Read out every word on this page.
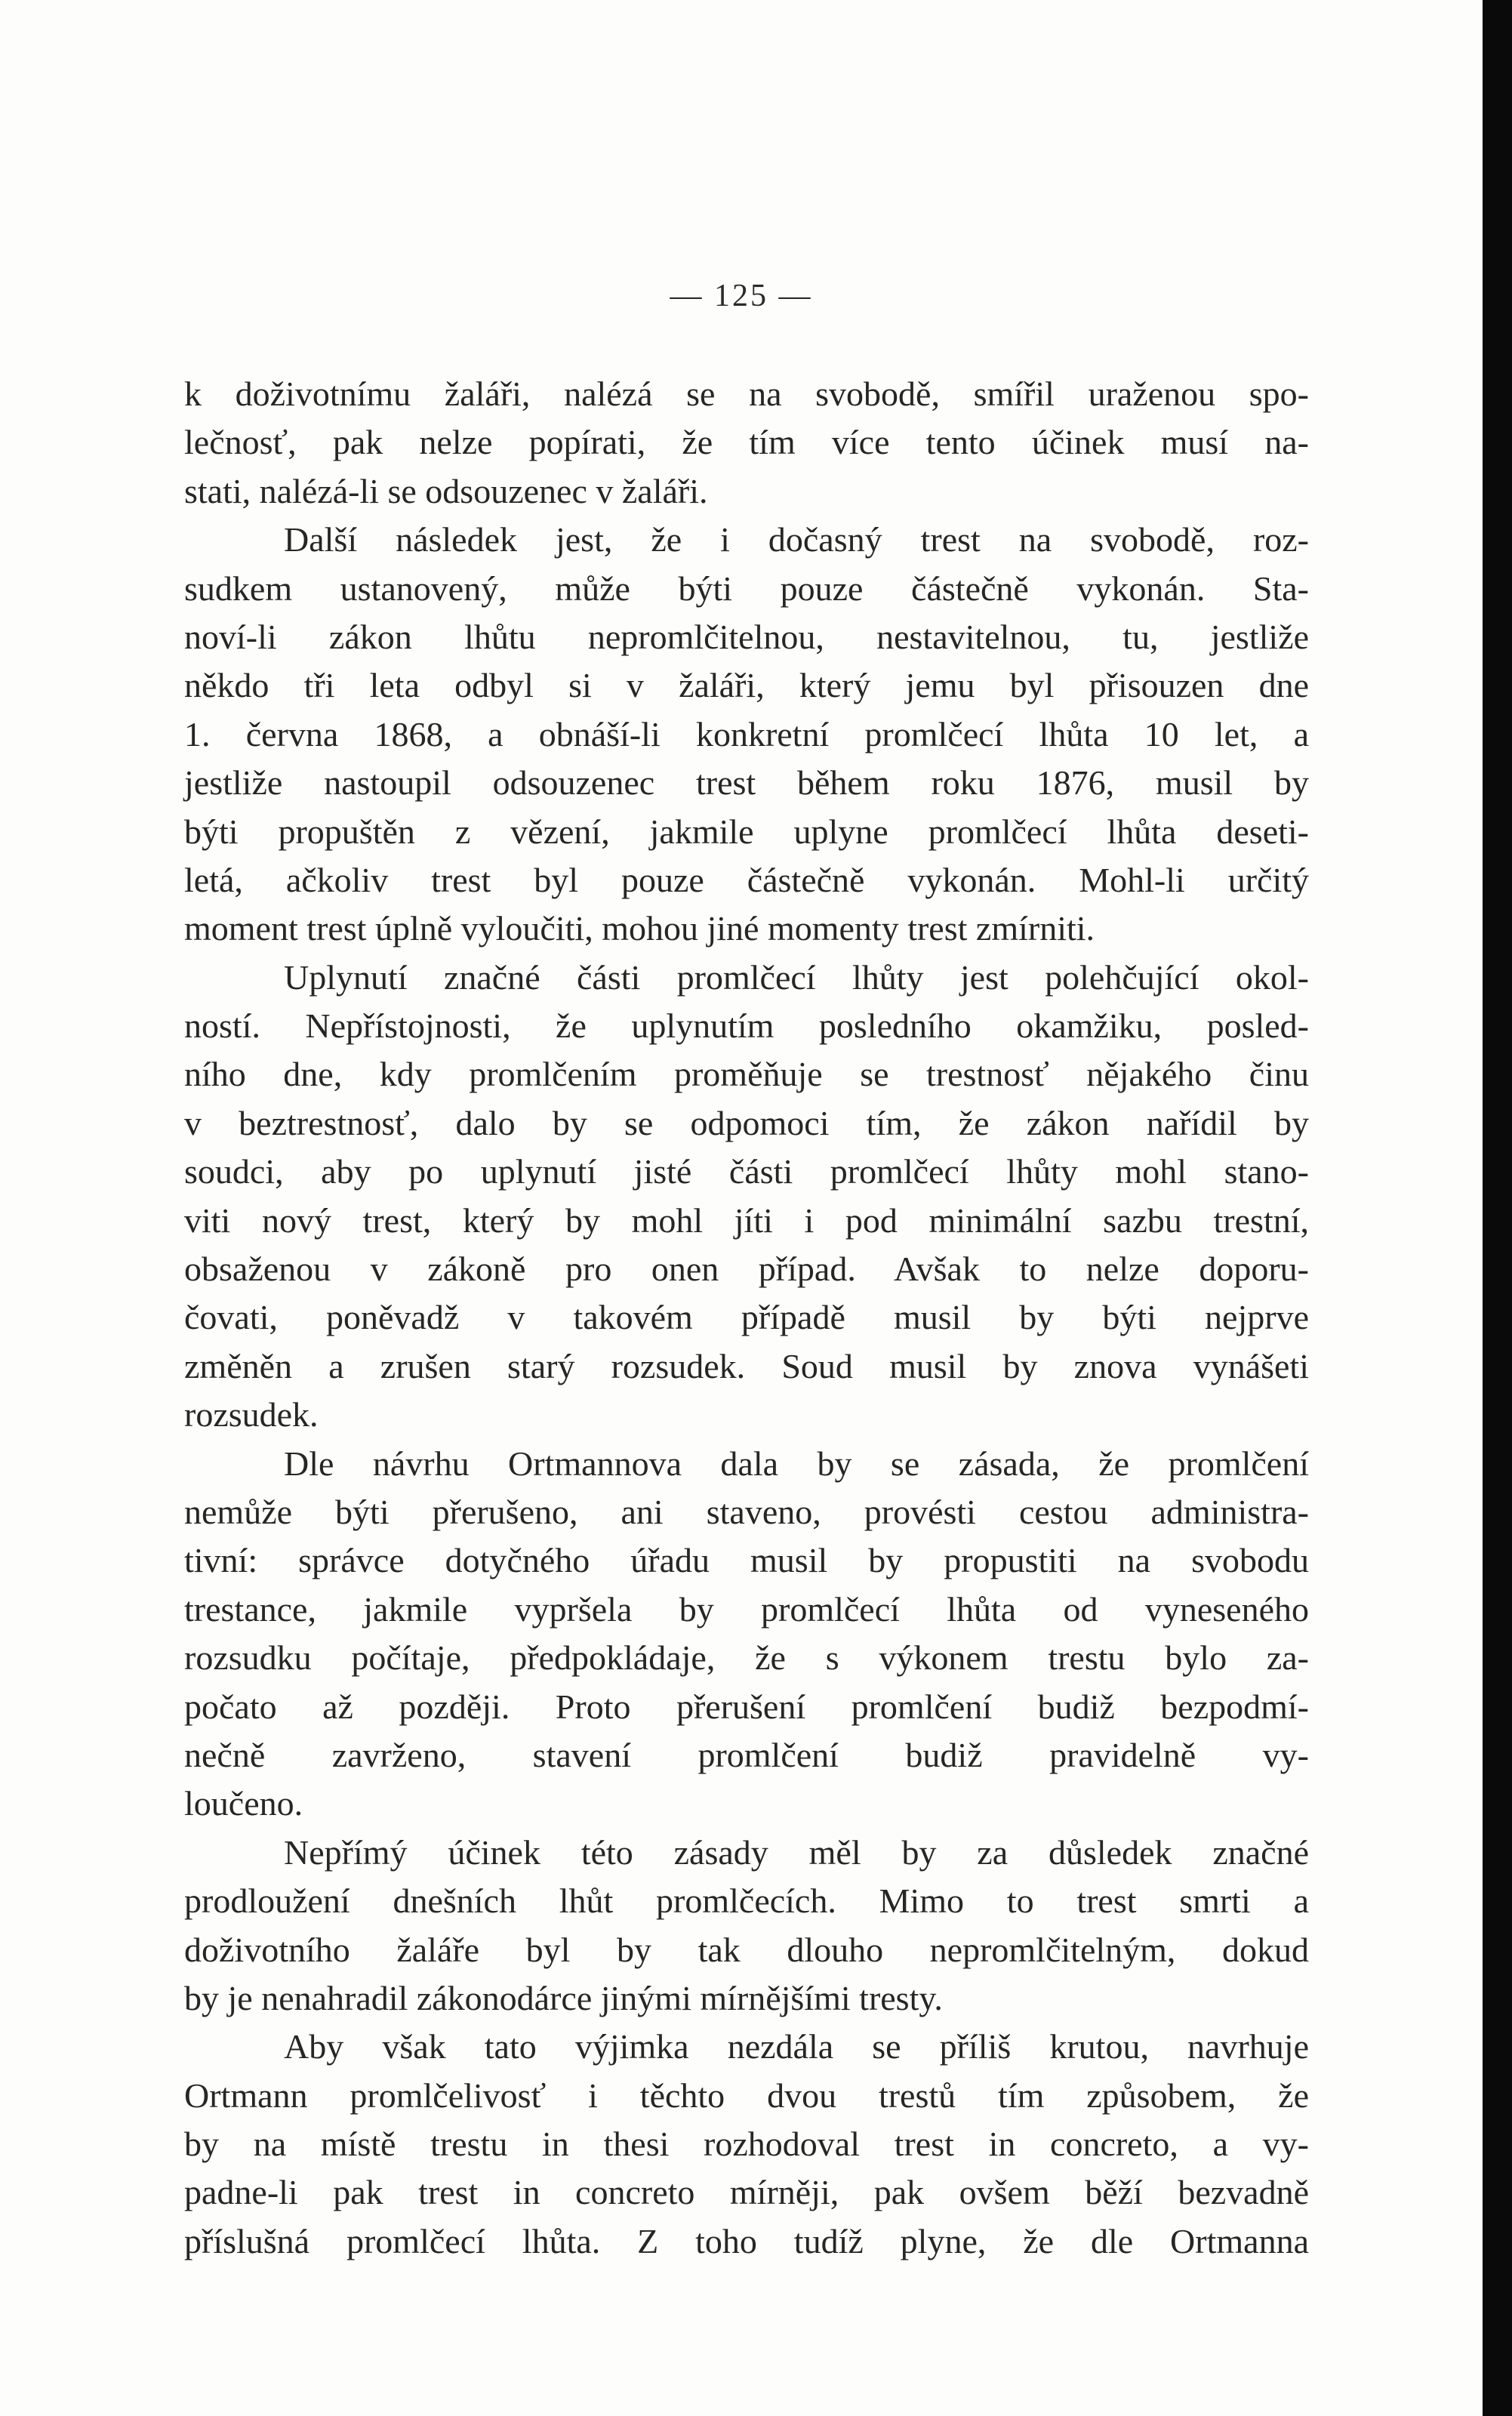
— 125 —
k doživotnímu žaláři, nalézá se na svobodě, smířil uraženou spo-
lečnosť, pak nelze popírati, že tím více tento účinek musí na-
stati, nalézá-li se odsouzenec v žaláři.
Další následek jest, že i dočasný trest na svobodě, roz-
sudkem ustanovený, může býti pouze částečně vykonán. Sta-
noví-li zákon lhůtu nepromlčitelnou, nestavitelnou, tu, jestliže
někdo tři leta odbyl si v žaláři, který jemu byl přisouzen dne
1. června 1868, a obnáší-li konkretní promlčecí lhůta 10 let, a
jestliže nastoupil odsouzenec trest během roku 1876, musil by
býti propuštěn z vězení, jakmile uplyne promlčecí lhůta deseti-
letá, ačkoliv trest byl pouze částečně vykonán. Mohl-li určitý
moment trest úplně vyloučiti, mohou jiné momenty trest zmírniti.
Uplynutí značné části promlčecí lhůty jest polehčující okol-
ností. Nepřístojnosti, že uplynutím posledního okamžiku, posled-
ního dne, kdy promlčením proměňuje se trestnosť nějakého činu
v beztrestnosť, dalo by se odpomoci tím, že zákon nařídil by
soudci, aby po uplynutí jisté části promlčecí lhůty mohl stano-
viti nový trest, který by mohl jíti i pod minimální sazbu trestní,
obsaženou v zákoně pro onen případ. Avšak to nelze doporu-
čovati, poněvadž v takovém případě musil by býti nejprve
změněn a zrušen starý rozsudek. Soud musil by znova vynášeti
rozsudek.
Dle návrhu Ortmannova dala by se zásada, že promlčení
nemůže býti přerušeno, ani staveno, provésti cestou administra-
tivní: správce dotyčného úřadu musil by propustiti na svobodu
trestance, jakmile vypršela by promlčecí lhůta od vyneseného
rozsudku počítaje, předpokládaje, že s výkonem trestu bylo za-
počato až později. Proto přerušení promlčení budiž bezpodmí-
nečně zavrženo, stavení promlčení budiž pravidelně vy-
loučeno.
Nepřímý účinek této zásady měl by za důsledek značné
prodloužení dnešních lhůt promlčecích. Mimo to trest smrti a
doživotního žaláře byl by tak dlouho nepromlčitelným, dokud
by je nenahradil zákonodárce jinými mírnějšími tresty.
Aby však tato výjimka nezdála se příliš krutou, navrhuje
Ortmann promlčelivosť i těchto dvou trestů tím způsobem, že
by na místě trestu in thesi rozhodoval trest in concreto, a vy-
padne-li pak trest in concreto mírněji, pak ovšem běží bezvadně
příslušná promlčecí lhůta. Z toho tudíž plyne, že dle Ortmanna
